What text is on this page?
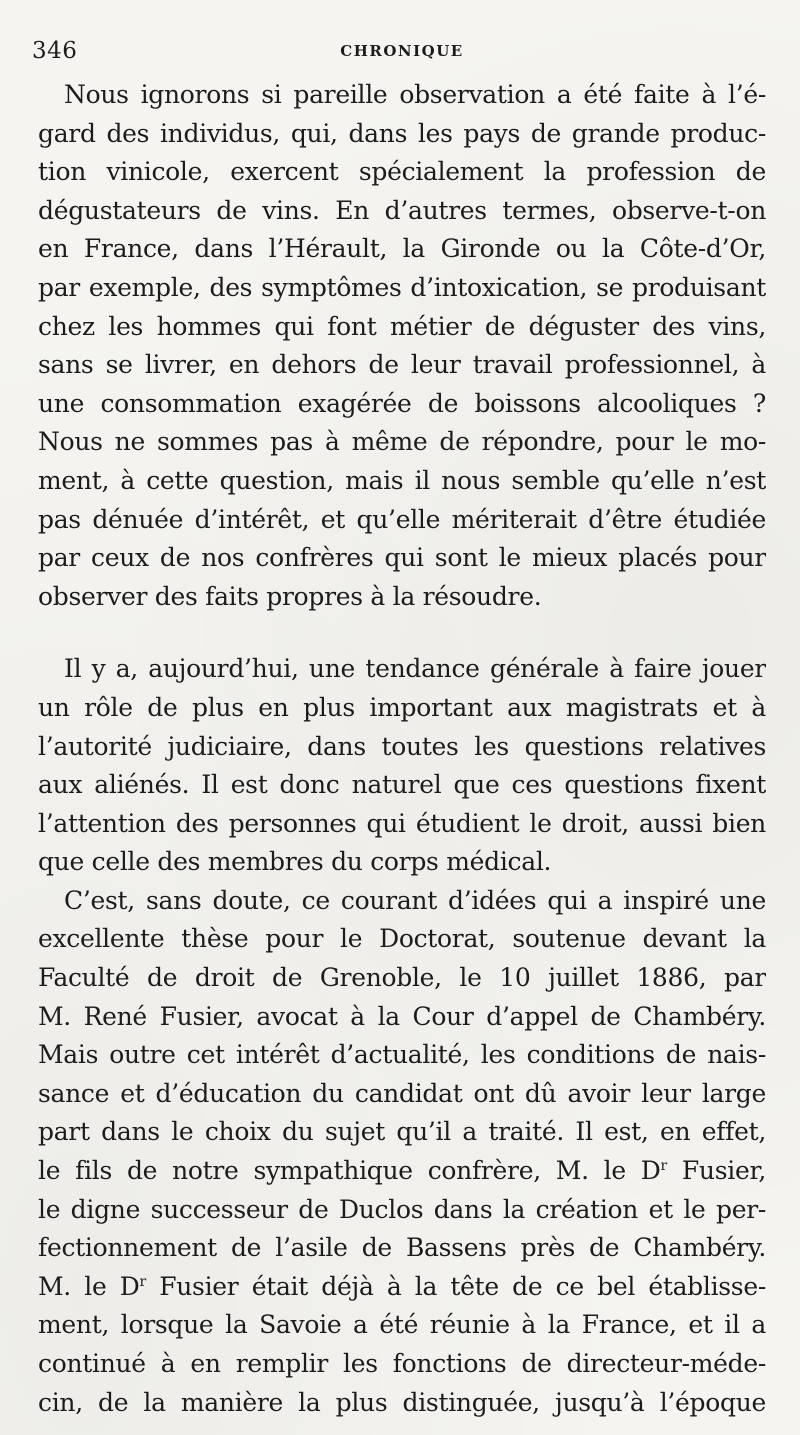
346	CHRONIQUE
Nous ignorons si pareille observation a été faite à l’é-
gard des individus, qui, dans les pays de grande produc-
tion vinicole, exercent spécialement la profession de
dégustateurs de vins. En d’autres termes, observe-t-on
en France, dans l’Hérault, la Gironde ou la Côte-d’Or,
par exemple, des symptômes d’intoxication, se produisant
chez les hommes qui font métier de déguster des vins,
sans se livrer, en dehors de leur travail professionnel, à
une consommation exagérée de boissons alcooliques ?
Nous ne sommes pas à même de répondre, pour le mo-
ment, à cette question, mais il nous semble qu’elle n’est
pas dénuée d’intérêt, et qu’elle mériterait d’être étudiée
par ceux de nos confrères qui sont le mieux placés pour
observer des faits propres à la résoudre.
Il y a, aujourd’hui, une tendance générale à faire jouer
un rôle de plus en plus important aux magistrats et à
l’autorité judiciaire, dans toutes les questions relatives
aux aliénés. Il est donc naturel que ces questions fixent
l’attention des personnes qui étudient le droit, aussi bien
que celle des membres du corps médical.
C’est, sans doute, ce courant d’idées qui a inspiré une
excellente thèse pour le Doctorat, soutenue devant la
Faculté de droit de Grenoble, le 10 juillet 1886, par
M. René Fusier, avocat à la Cour d’appel de Chambéry.
Mais outre cet intérêt d’actualité, les conditions de nais-
sance et d’éducation du candidat ont dû avoir leur large
part dans le choix du sujet qu’il a traité. Il est, en effet,
le fils de notre sympathique confrère, M. le $D^r$ Fusier,
le digne successeur de Duclos dans la création et le per-
fectionnement de l’asile de Bassens près de Chambéry.
M. le $D^r$ Fusier était déjà à la tête de ce bel établisse-
ment, lorsque la Savoie a été réunie à la France, et il a
continué à en remplir les fonctions de directeur-méde-
cin, de la manière la plus distinguée, jusqu’à l’époque
